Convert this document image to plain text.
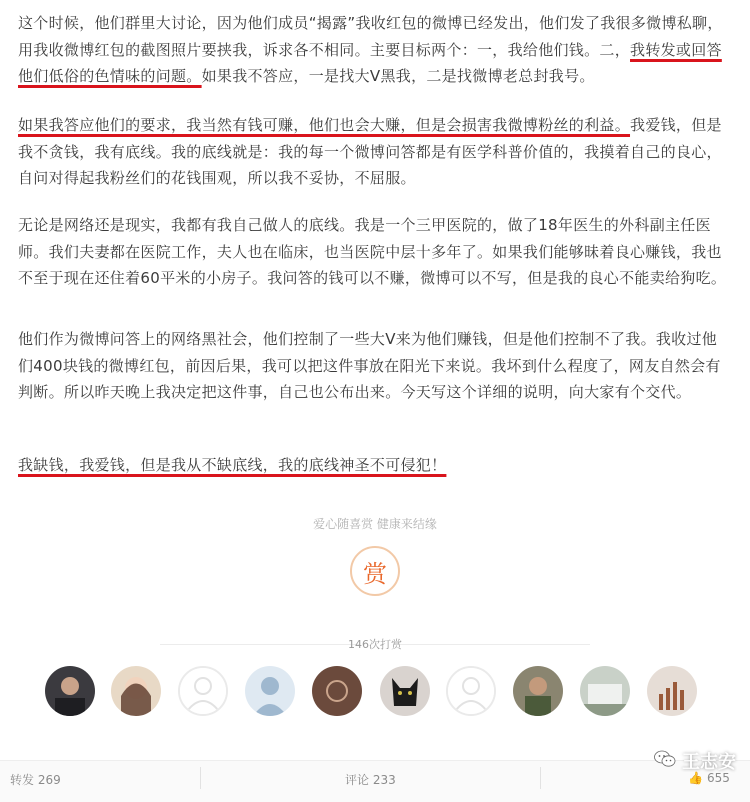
这个时候，他们群里大讨论，因为他们成员“揭露”我收红包的微博已经发出，他们发了我很多微博私聊，用我收微博红包的截图照片要挟我，诉求各不相同。主要目标两个：一，我给他们钱。二，我转发或回答他们低俗的色情味的问题。如果我不答应，一是找大V黑我，二是找微博老总封我号。

如果我答应他们的要求，我当然有钱可赚，他们也会大赚，但是会损害我微博粉丝的利益。我爱钱，但是我不贪钱，我有底线。我的底线就是：我的每一个微博问答都是有医学科普价值的，我摸着自己的良心，自问对得起我粉丝们的花钱围观，所以我不妥协，不屈服。

无论是网络还是现实，我都有我自己做人的底线。我是一个三甲医院的，做了18年医生的外科副主任医师。我们夫妻都在医院工作，夫人也在临床，也当医院中层十多年了。如果我们能够昧着良心赚钱，我也不至于现在还住着60平米的小房子。我问答的钱可以不赚，微博可以不写，但是我的良心不能卖给狗吃。

他们作为微博问答上的网络黑社会，他们控制了一些大V来为他们赚钱，但是他们控制不了我。我收过他们400块钱的微博红包，前因后果，我可以把这件事放在阳光下来说。我坏到什么程度了，网友自然会有判断。所以昨天晚上我决定把这件事，自己也公布出来。今天写这个详细的说明，向大家有个交代。

我缺钱，我爱钱，但是我从不缺底线，我的底线神圣不可侵犯！

爱心随喜赏 健康来结缘
赏
146次打赏
转发 269	评论 233	👍 655
王志安
